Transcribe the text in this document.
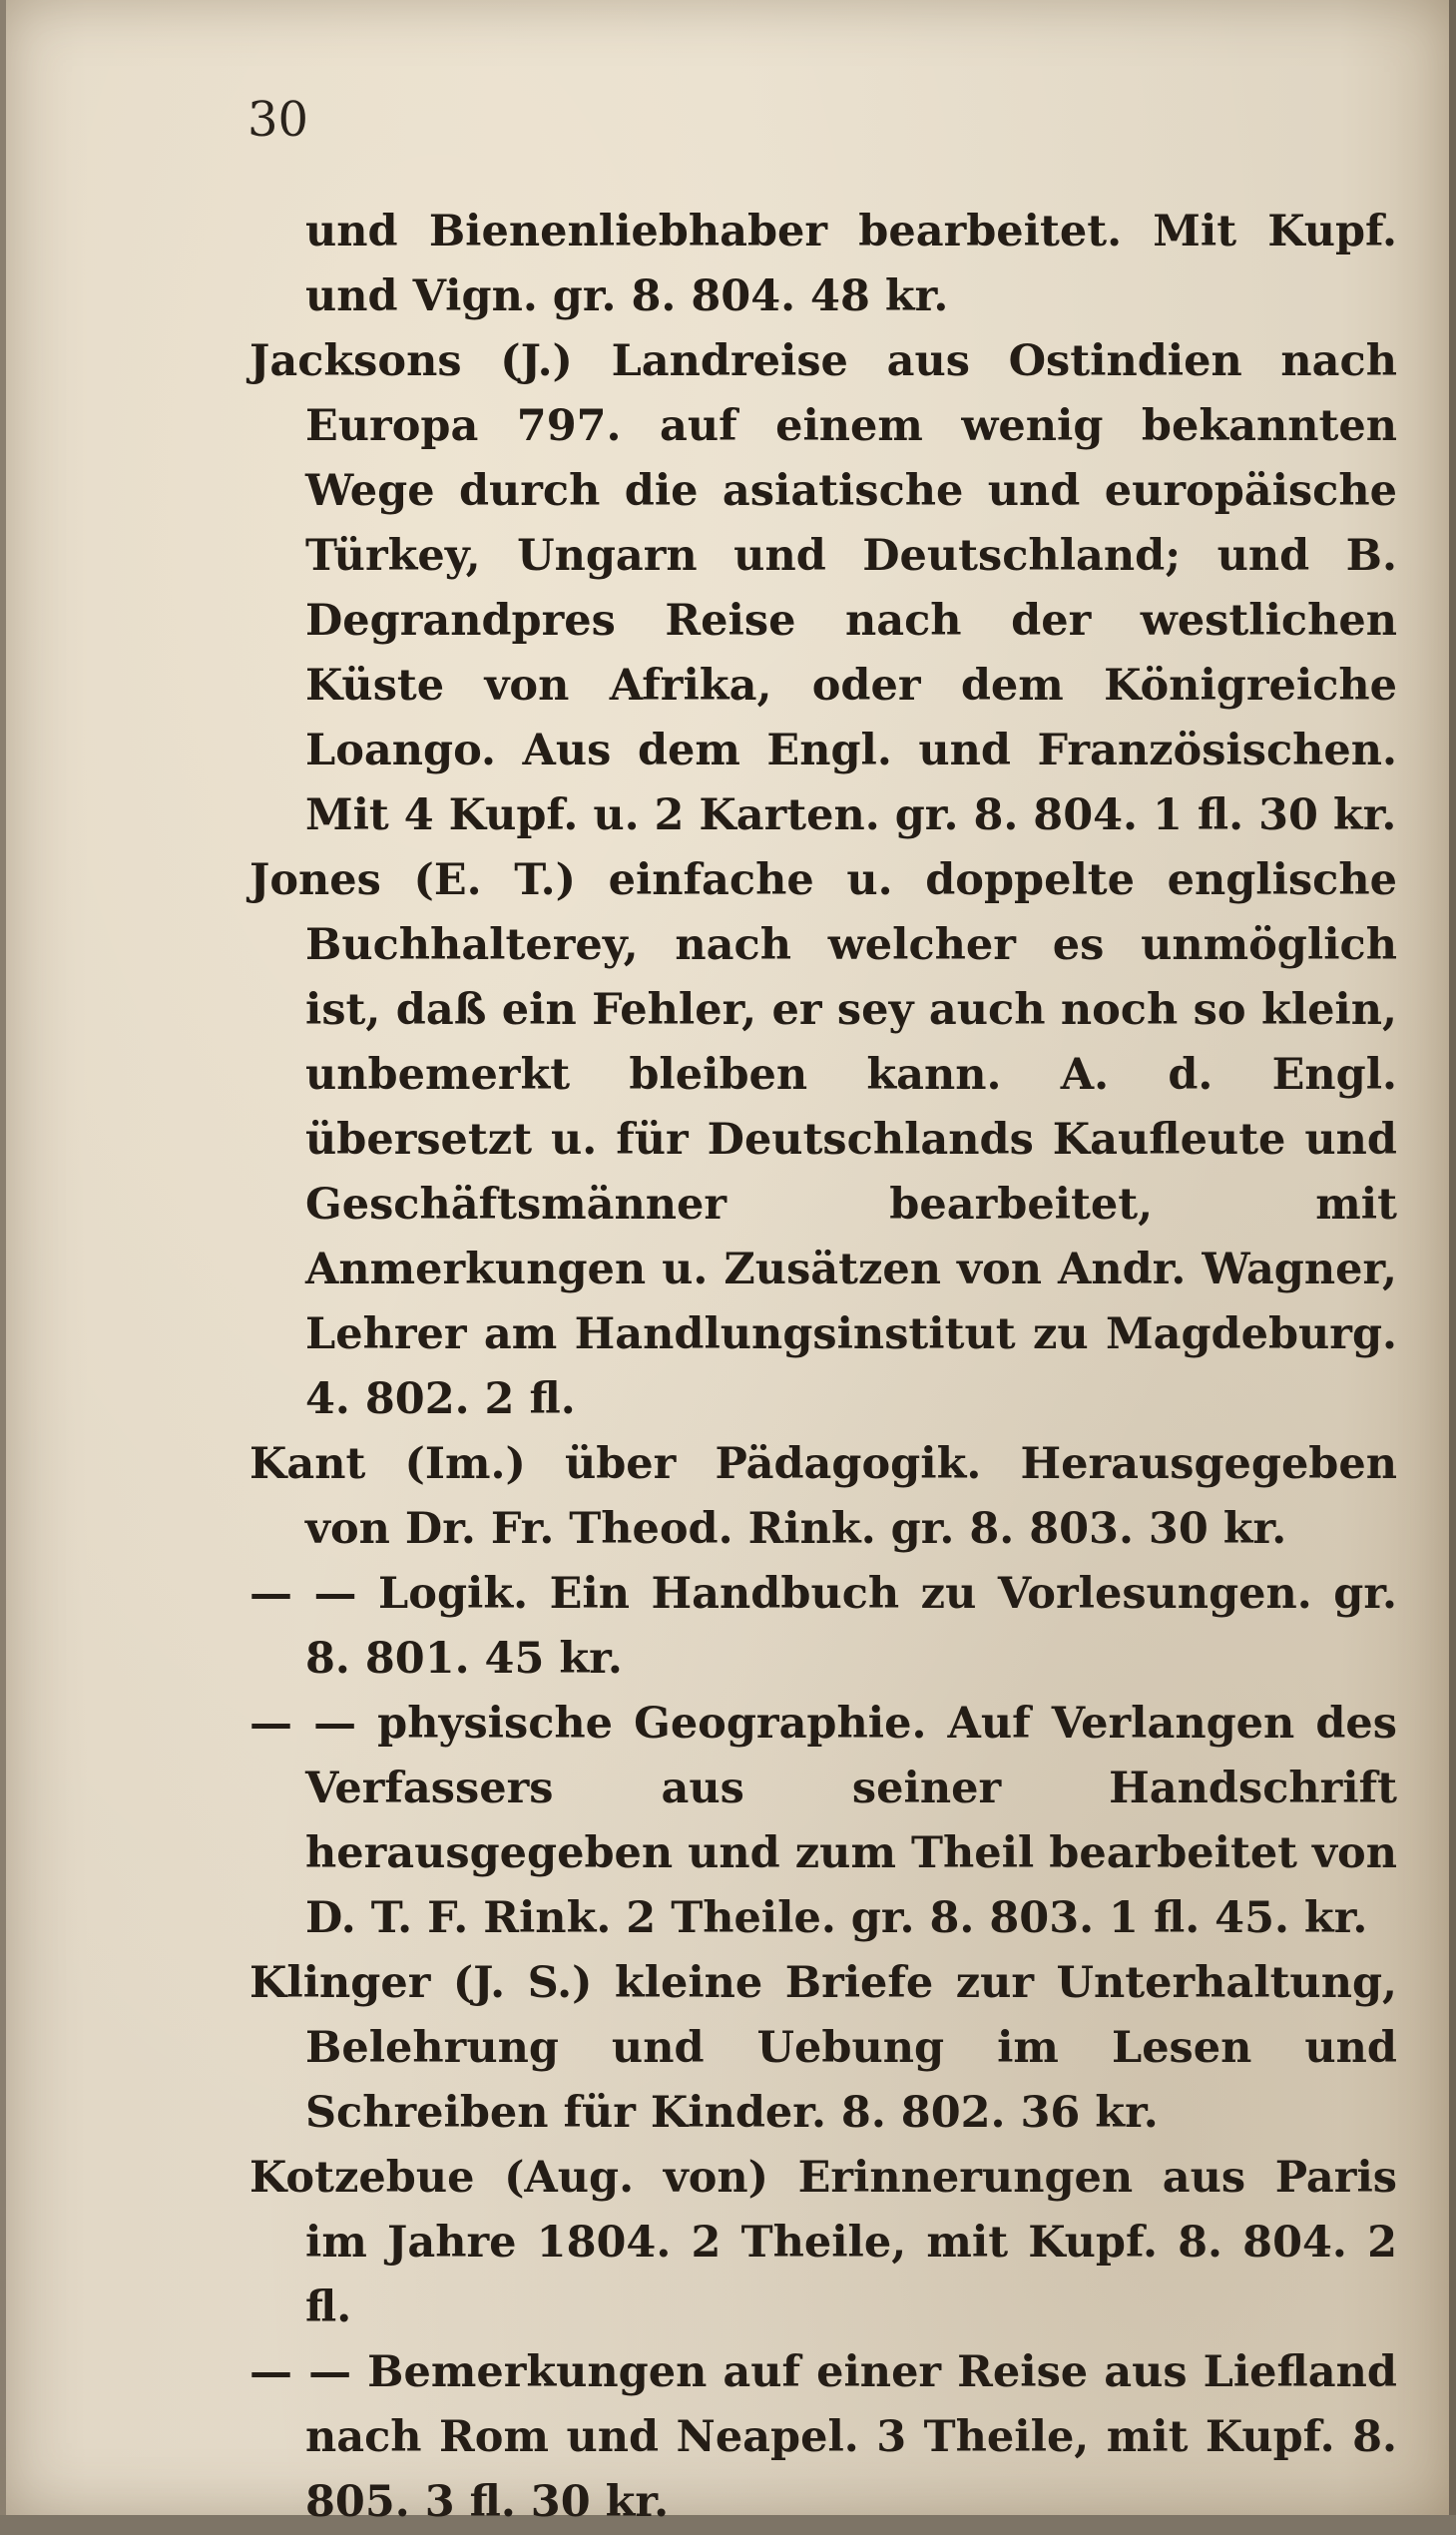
30

und Bienenliebhaber bearbeitet. Mit Kupf. und Vign. gr. 8. 804. 48 kr.

Jacksons (J.) Landreise aus Ostindien nach Europa 797. auf einem wenig bekannten Wege durch die asiatische und europäische Türkey, Ungarn und Deutschland; und B. Degrandpres Reise nach der westlichen Küste von Afrika, oder dem Königreiche Loango. Aus dem Engl. und Französischen. Mit 4 Kupf. u. 2 Karten. gr. 8. 804. 1 fl. 30 kr.

Jones (E. T.) einfache u. doppelte englische Buchhalterey, nach welcher es unmöglich ist, daß ein Fehler, er sey auch noch so klein, unbemerkt bleiben kann. A. d. Engl. übersetzt u. für Deutschlands Kaufleute und Geschäftsmänner bearbeitet, mit Anmerkungen u. Zusätzen von Andr. Wagner, Lehrer am Handlungsinstitut zu Magdeburg. 4. 802. 2 fl.

Kant (Im.) über Pädagogik. Herausgegeben von Dr. Fr. Theod. Rink. gr. 8. 803. 30 kr.

— — Logik. Ein Handbuch zu Vorlesungen. gr. 8. 801. 45 kr.

— — physische Geographie. Auf Verlangen des Verfassers aus seiner Handschrift herausgegeben und zum Theil bearbeitet von D. T. F. Rink. 2 Theile. gr. 8. 803. 1 fl. 45. kr.

Klinger (J. S.) kleine Briefe zur Unterhaltung, Belehrung und Uebung im Lesen und Schreiben für Kinder. 8. 802. 36 kr.

Kotzebue (Aug. von) Erinnerungen aus Paris im Jahre 1804. 2 Theile, mit Kupf. 8. 804. 2 fl.

— — Bemerkungen auf einer Reise aus Liefland nach Rom und Neapel. 3 Theile, mit Kupf. 8. 805. 3 fl. 30 kr.
